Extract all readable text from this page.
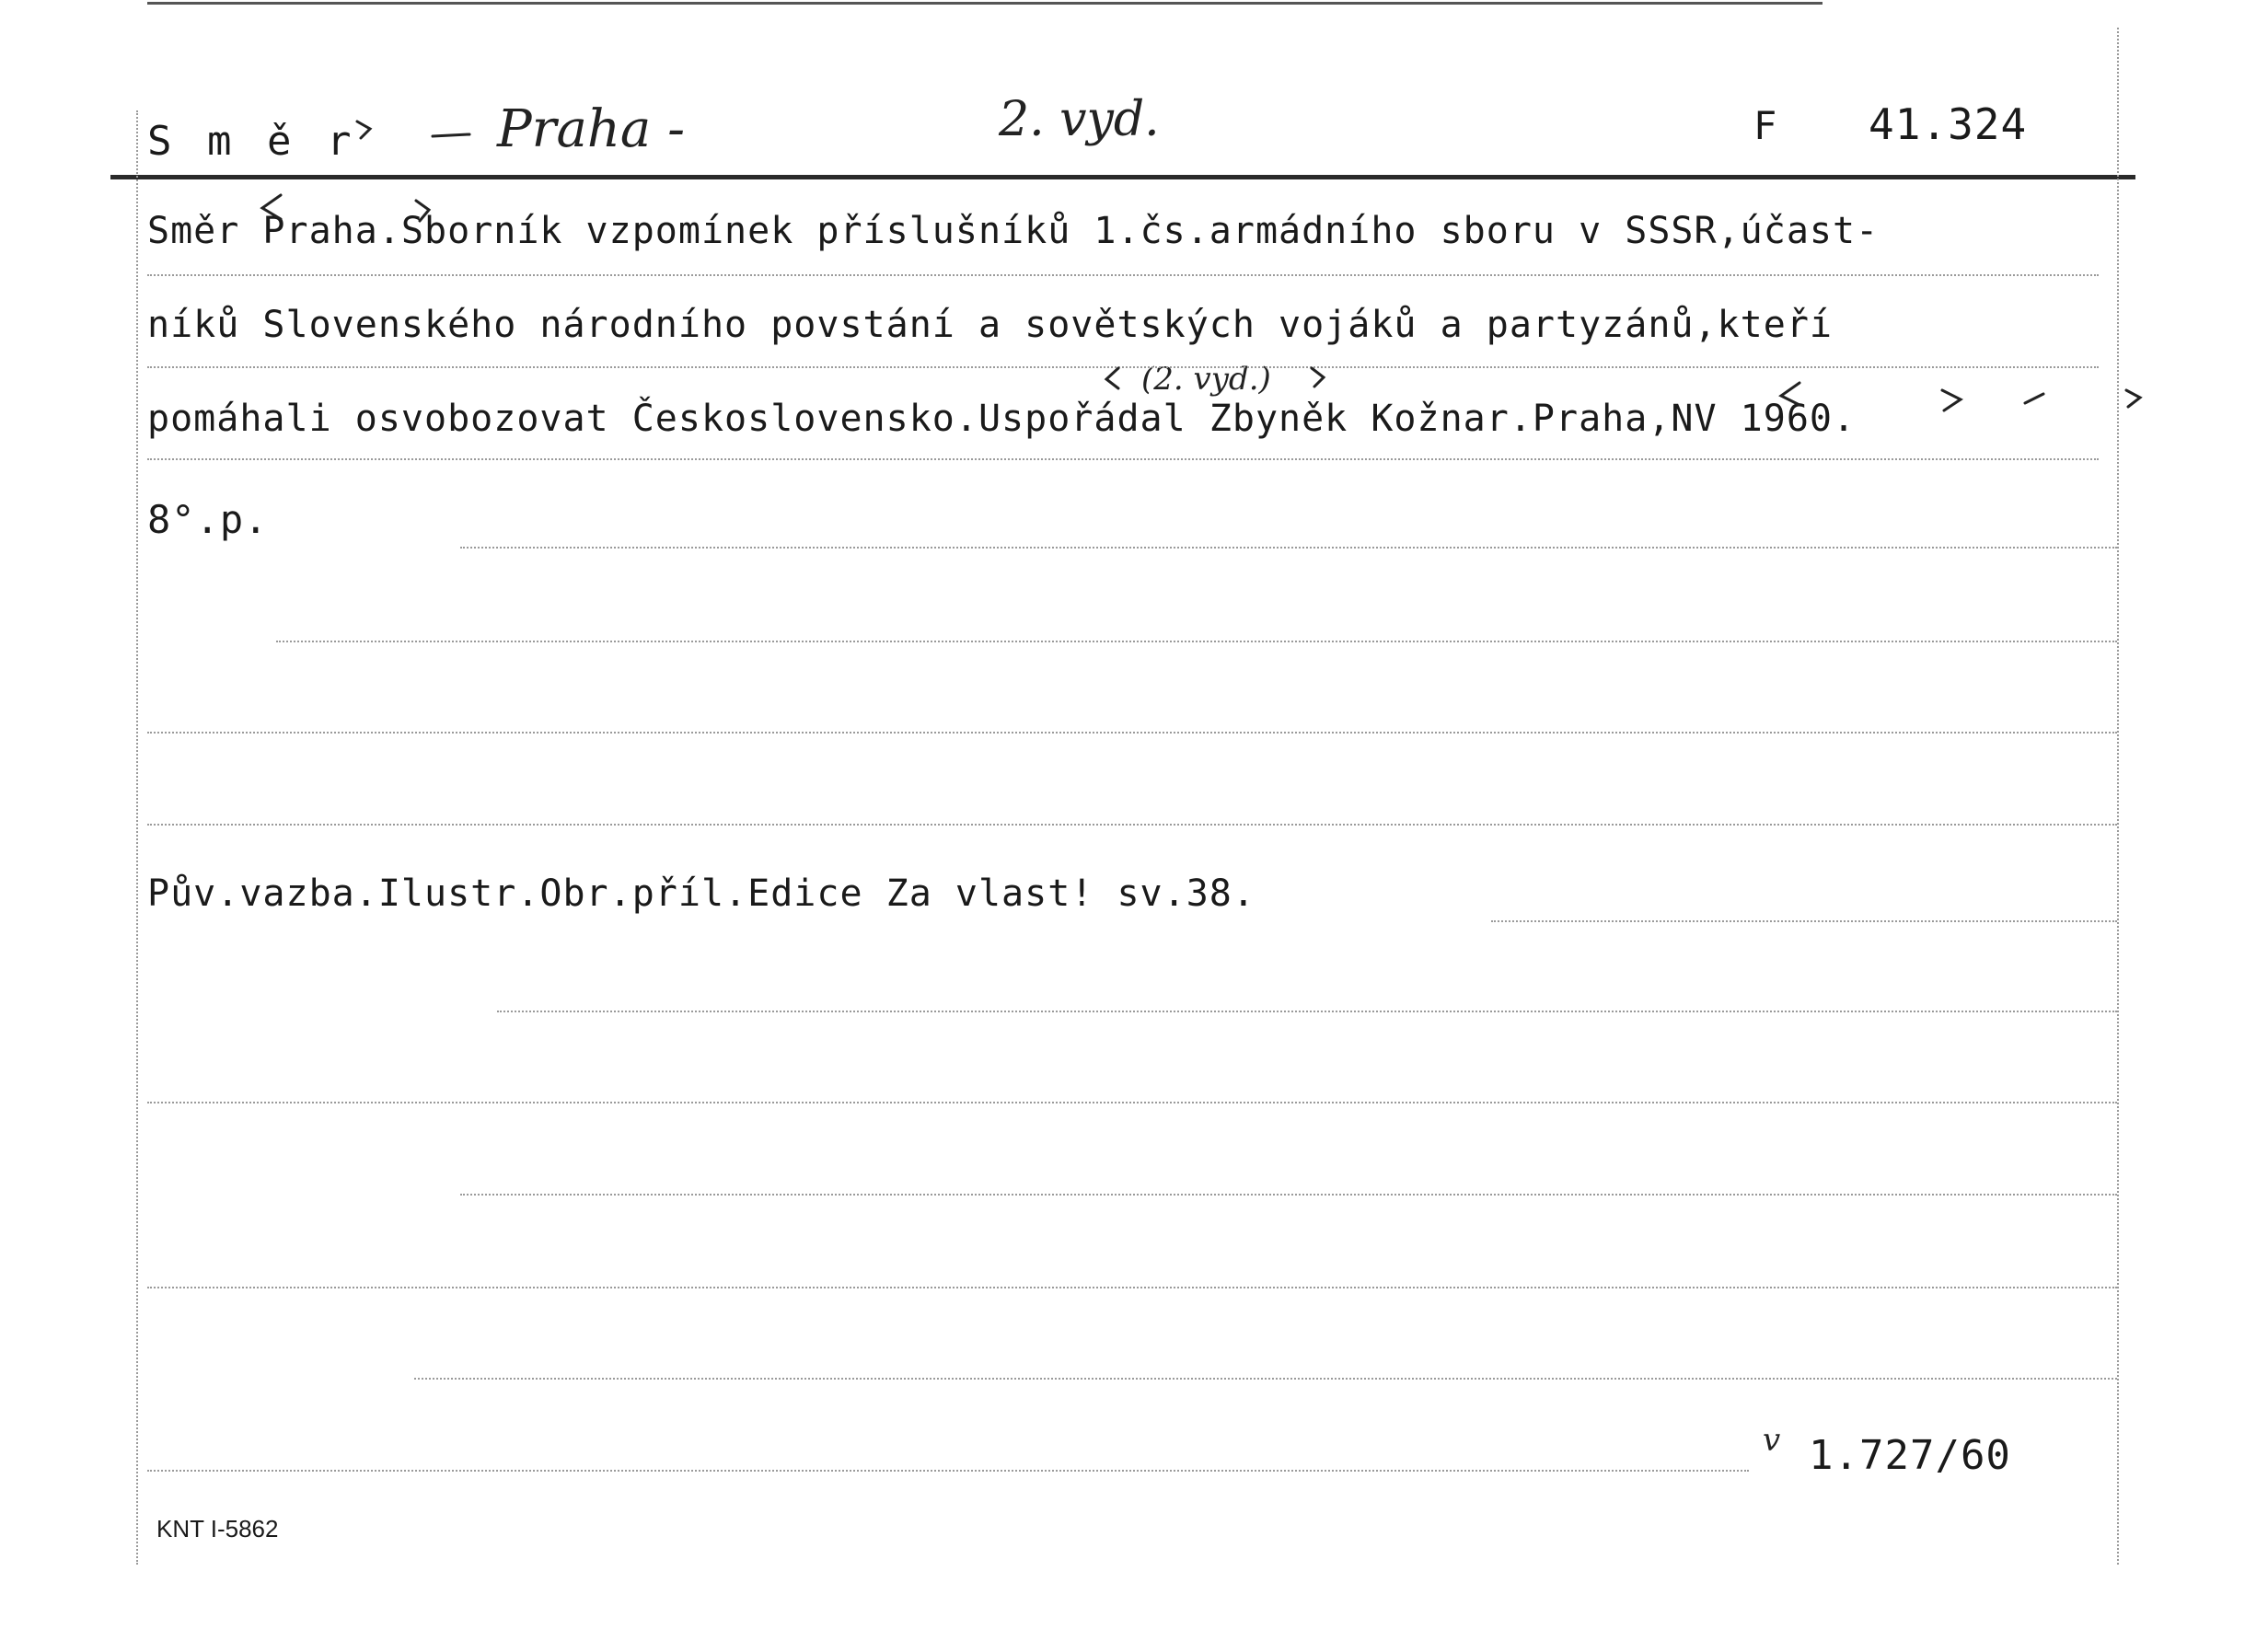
S m ě r	Praha -	2. vyd.	F 41.324
Směr Praha.Sborník vzpomínek příslušníků 1.čs.armádního sboru v SSSR,účast-
níků Slovenského národního povstání a sovětských vojáků a partyzánů,kteří
(2. vyd.)
pomáhali osvobozovat Československo.Uspořádal Zbyněk Kožnar.Praha,NV 1960.
8°.p.
Pův.vazba.Ilustr.Obr.příl.Edice Za vlast! sv.38.
v 1.727/60
KNT I-5862
